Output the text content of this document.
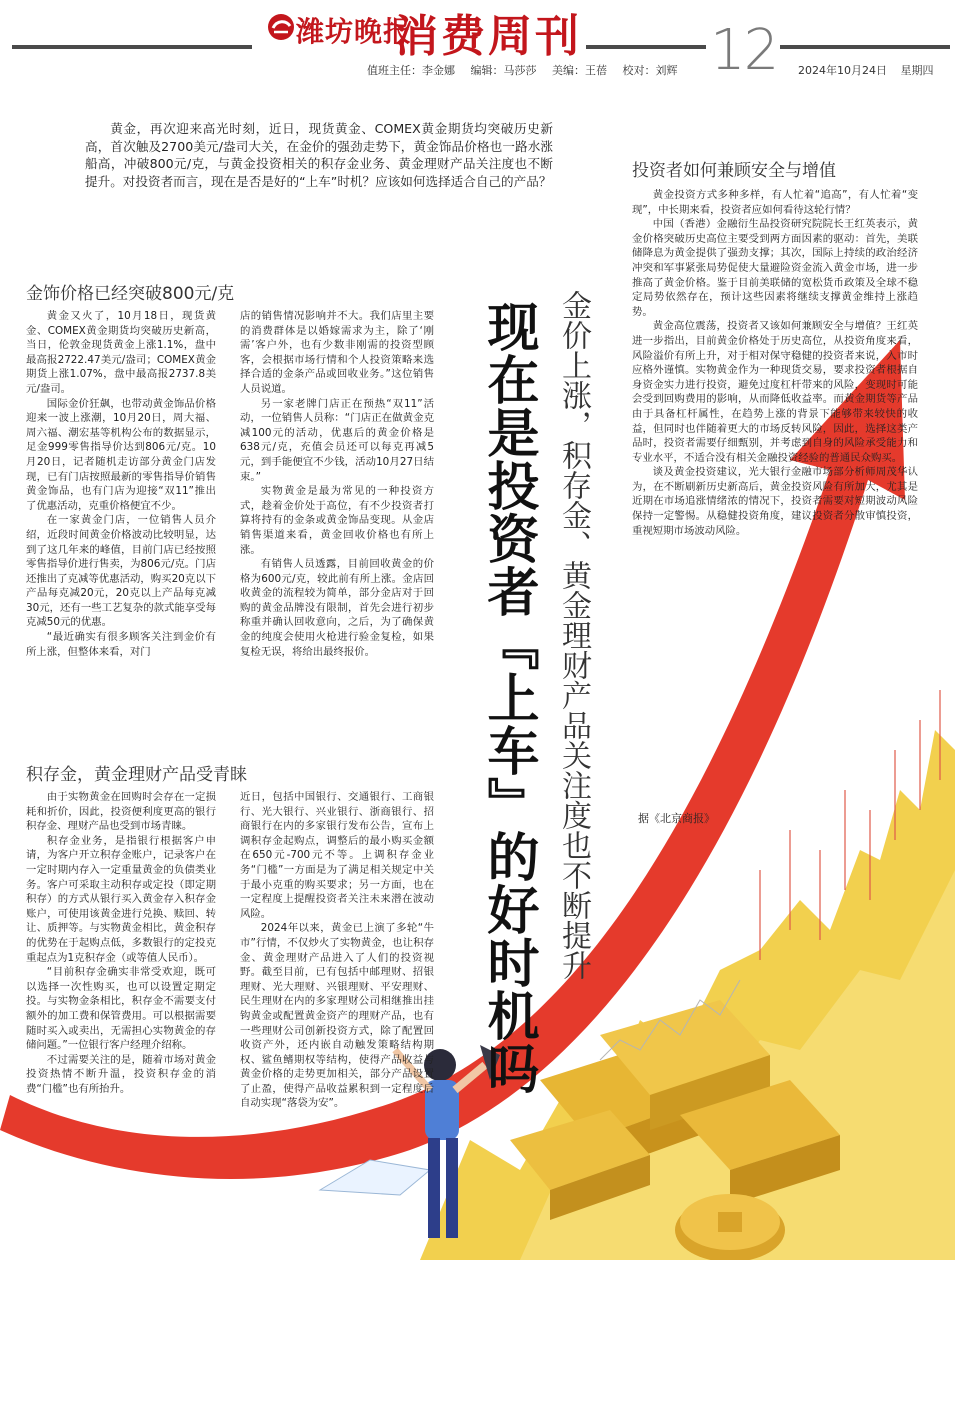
潍坊晚报
消费周刊 12
值班主任：李金娜 编辑：马莎莎 美编：王蓓 校对：刘辉	2024年10月24日 星期四

黄金，再次迎来高光时刻，近日，现货黄金、COMEX黄金期货均突破历史新高，首次触及2700美元/盎司大关，在金价的强劲走势下，黄金饰品价格也一路水涨船高，冲破800元/克，与黄金投资相关的积存金业务、黄金理财产品关注度也不断提升。对投资者而言，现在是否是好的“上车”时机？应该如何选择适合自己的产品？

现在是投资者『上车』的好时机吗 金价上涨，积存金、黄金理财产品关注度也不断提升
金饰价格已经突破800元/克

黄金又火了，10月18日，现货黄金、COMEX黄金期货均突破历史新高，当日，伦敦金现货黄金上涨1.1%，盘中最高报2722.47美元/盎司；COMEX黄金期货上涨1.07%，盘中最高报2737.8美元/盎司。

国际金价狂飙，也带动黄金饰品价格迎来一波上涨潮，10月20日，周大福、周六福、潮宏基等机构公布的数据显示，足金999零售指导价达到806元/克。10月20日，记者随机走访部分黄金门店发现，已有门店按照最新的零售指导价销售黄金饰品，也有门店为迎接“双11”推出了优惠活动，克重价格便宜不少。

在一家黄金门店，一位销售人员介绍，近段时间黄金价格波动比较明显，达到了这几年来的峰值，目前门店已经按照零售指导价进行售卖，为806元/克。门店还推出了克减等优惠活动，购买20克以下产品每克减20元，20克以上产品每克减30元，还有一些工艺复杂的款式能享受每克减50元的优惠。

“最近确实有很多顾客关注到金价有所上涨，但整体来看，对门

店的销售情况影响并不大。我们店里主要的消费群体是以婚嫁需求为主，除了‘刚需’客户外，也有少数非刚需的投资型顾客，会根据市场行情和个人投资策略来选择合适的金条产品或回收业务。”这位销售人员说道。

另一家老牌门店正在预热“双11”活动，一位销售人员称：“门店正在做黄金克减100元的活动，优惠后的黄金价格是638元/克，充值会员还可以每克再减5元，到手能便宜不少钱，活动10月27日结束。”

实物黄金是最为常见的一种投资方式，趁着金价处于高位，有不少投资者打算将持有的金条或黄金饰品变现。从金店销售渠道来看，黄金回收价格也有所上涨。

有销售人员透露，目前回收黄金的价格为600元/克，较此前有所上涨。金店回收黄金的流程较为简单，部分金店对于回购的黄金品牌没有限制，首先会进行初步称重并确认回收意向，之后，为了确保黄金的纯度会使用火枪进行验金复检，如果复检无误，将给出最终报价。

积存金，黄金理财产品受青睐

由于实物黄金在回购时会存在一定损耗和折价，因此，投资便利度更高的银行积存金、理财产品也受到市场青睐。

积存金业务，是指银行根据客户申请，为客户开立积存金账户，记录客户在一定时期内存入一定重量黄金的负债类业务。客户可采取主动积存或定投（即定期积存）的方式从银行买入黄金存入积存金账户，可使用该黄金进行兑换、赎回、转让、质押等。与实物黄金相比，黄金积存的优势在于起购点低，多数银行的定投克重起点为1克积存金（或等值人民币）。

“目前积存金确实非常受欢迎，既可以选择一次性购买，也可以设置定期定投。与实物金条相比，积存金不需要支付额外的加工费和保管费用。可以根据需要随时买入或卖出，无需担心实物黄金的存储问题。”一位银行客户经理介绍称。

不过需要关注的是，随着市场对黄金投资热情不断升温，投资积存金的消费“门槛”也有所抬升。

近日，包括中国银行、交通银行、工商银行、光大银行、兴业银行、浙商银行、招商银行在内的多家银行发布公告，宣布上调积存金起购点，调整后的最小购买金额在650元-700元不等。上调积存金业务“门槛”一方面是为了满足相关规定中关于最小克重的购买要求；另一方面，也在一定程度上提醒投资者关注未来潜在波动风险。

2024年以来，黄金已上演了多轮“牛市”行情，不仅炒火了实物黄金，也让积存金、黄金理财产品进入了人们的投资视野。截至目前，已有包括中邮理财、招银理财、光大理财、兴银理财、平安理财、民生理财在内的多家理财公司相继推出挂钩黄金或配置黄金资产的理财产品，也有一些理财公司创新投资方式，除了配置回收资产外，还内嵌自动触发策略结构期权、鲨鱼鳍期权等结构，使得产品收益与黄金价格的走势更加相关，部分产品设置了止盈，使得产品收益累积到一定程度后自动实现“落袋为安”。

投资者如何兼顾安全与增值

黄金投资方式多种多样，有人忙着“追高”，有人忙着“变现”，中长期来看，投资者应如何看待这轮行情？

中国（香港）金融衍生品投资研究院院长王红英表示，黄金价格突破历史高位主要受到两方面因素的驱动：首先，美联储降息为黄金提供了强劲支撑；其次，国际上持续的政治经济冲突和军事紧张局势促使大量避险资金流入黄金市场，进一步推高了黄金价格。鉴于目前美联储的宽松货币政策及全球不稳定局势依然存在，预计这些因素将继续支撑黄金维持上涨趋势。

黄金高位震荡，投资者又该如何兼顾安全与增值？王红英进一步指出，目前黄金价格处于历史高位，从投资角度来看，风险溢价有所上升，对于相对保守稳健的投资者来说，入市时应格外谨慎。实物黄金作为一种现货交易，要求投资者根据自身资金实力进行投资，避免过度杠杆带来的风险，变现时可能会受到回购费用的影响，从而降低收益率。而黄金期货等产品由于具备杠杆属性，在趋势上涨的背景下能够带来较快的收益，但同时也伴随着更大的市场反转风险，因此，选择这类产品时，投资者需要仔细甄别，并考虑到自身的风险承受能力和专业水平，不适合没有相关金融投资经验的普通民众购买。

谈及黄金投资建议，光大银行金融市场部分析师周茂华认为，在不断刷新历史新高后，黄金投资风险有所加大，尤其是近期在市场追涨情绪浓的情况下，投资者需要对短期波动风险保持一定警惕。从稳健投资角度，建议投资者分散审慎投资，重视短期市场波动风险。

据《北京商报》
